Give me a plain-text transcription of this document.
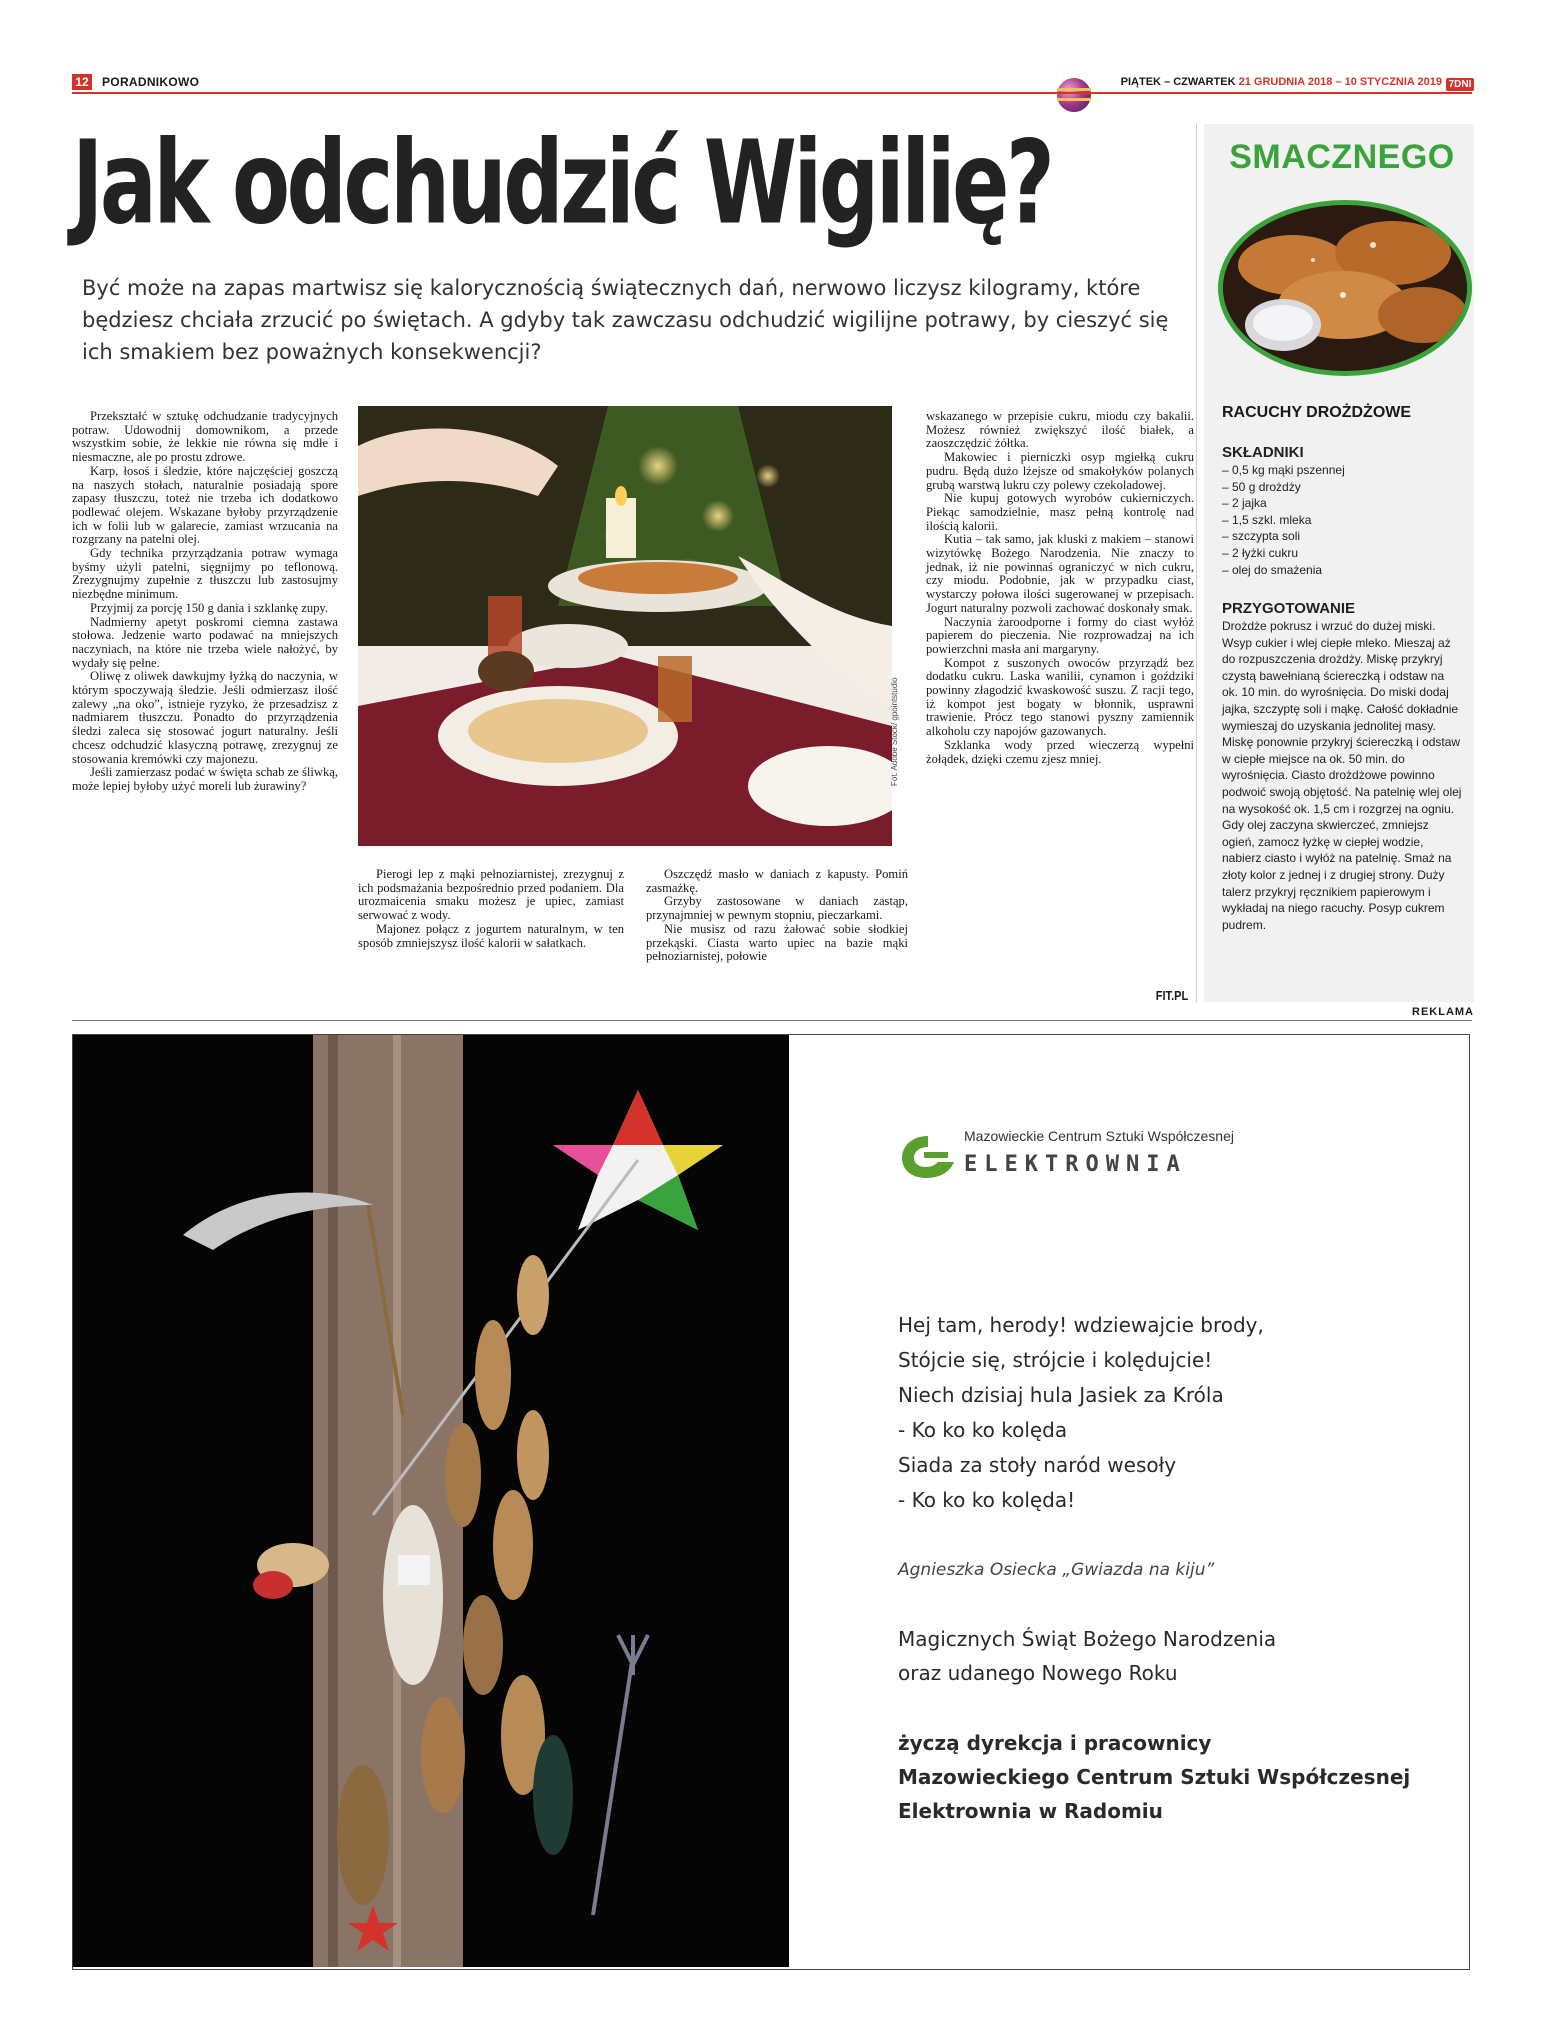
12 PORADNIKOWO	PIĄTEK – CZWARTEK 21 GRUDNIA 2018 – 10 STYCZNIA 2019 7DNI
Jak odchudzić Wigilię?
Być może na zapas martwisz się kalorycznością świątecznych dań, nerwowo liczysz kilogramy, które będziesz chciała zrzucić po świętach. A gdyby tak zawczasu odchudzić wigilijne potrawy, by cieszyć się ich smakiem bez poważnych konsekwencji?
Fot. Adobe Stock/ gpointstudio

Przekształć w sztukę odchudzanie tradycyjnych potraw. Udowodnij domownikom, a przede wszystkim sobie, że lekkie nie równa się mdłe i niesmaczne, ale po prostu zdrowe.

Karp, łosoś i śledzie, które najczęściej goszczą na naszych stołach, naturalnie posiadają spore zapasy tłuszczu, toteż nie trzeba ich dodatkowo podlewać olejem. Wskazane byłoby przyrządzenie ich w folii lub w galarecie, zamiast wrzucania na rozgrzany na patelni olej.

Gdy technika przyrządzania potraw wymaga byśmy użyli patelni, sięgnijmy po teflonową. Zrezygnujmy zupełnie z tłuszczu lub zastosujmy niezbędne minimum.

Przyjmij za porcję 150 g dania i szklankę zupy.

Nadmierny apetyt poskromi ciemna zastawa stołowa. Jedzenie warto podawać na mniejszych naczyniach, na które nie trzeba wiele nałożyć, by wydały się pełne.

Oliwę z oliwek dawkujmy łyżką do naczynia, w którym spoczywają śledzie. Jeśli odmierzasz ilość zalewy „na oko”, istnieje ryzyko, że przesadzisz z nadmiarem tłuszczu. Ponadto do przyrządzenia śledzi zaleca się stosować jogurt naturalny. Jeśli chcesz odchudzić klasyczną potrawę, zrezygnuj ze stosowania kremówki czy majonezu.

Jeśli zamierzasz podać w święta schab ze śliwką, może lepiej byłoby użyć moreli lub żurawiny?

Pierogi lep z mąki pełnoziarnistej, zrezygnuj z ich podsmażania bezpośrednio przed podaniem. Dla urozmaicenia smaku możesz je upiec, zamiast serwować z wody.

Majonez połącz z jogurtem naturalnym, w ten sposób zmniejszysz ilość kalorii w sałatkach.

Oszczędź masło w daniach z kapusty. Pomiń zasmażkę.

Grzyby zastosowane w daniach zastąp, przynajmniej w pewnym stopniu, pieczarkami.

Nie musisz od razu żałować sobie słodkiej przekąski. Ciasta warto upiec na bazie mąki pełnoziarnistej, połowie

wskazanego w przepisie cukru, miodu czy bakalii. Możesz również zwiększyć ilość białek, a zaoszczędzić żółtka.

Makowiec i pierniczki osyp mgiełką cukru pudru. Będą dużo lżejsze od smakołyków polanych grubą warstwą lukru czy polewy czekoladowej.

Nie kupuj gotowych wyrobów cukierniczych. Piekąc samodzielnie, masz pełną kontrolę nad ilością kalorii.

Kutia – tak samo, jak kluski z makiem – stanowi wizytówkę Bożego Narodzenia. Nie znaczy to jednak, iż nie powinnaś ograniczyć w nich cukru, czy miodu. Podobnie, jak w przypadku ciast, wystarczy połowa ilości sugerowanej w przepisach. Jogurt naturalny pozwoli zachować doskonały smak.

Naczynia żaroodporne i formy do ciast wyłóż papierem do pieczenia. Nie rozprowadzaj na ich powierzchni masła ani margaryny.

Kompot z suszonych owoców przyrządź bez dodatku cukru. Laska wanilii, cynamon i goździki powinny złagodzić kwaskowość suszu. Z racji tego, iż kompot jest bogaty w błonnik, usprawni trawienie. Prócz tego stanowi pyszny zamiennik alkoholu czy napojów gazowanych.

Szklanka wody przed wieczerzą wypełni żołądek, dzięki czemu zjesz mniej.

FIT.PL
SMACZNEGO
RACUCHY DROŻDŻOWE
SKŁADNIKI
– 0,5 kg mąki pszennej
– 50 g drożdży
– 2 jajka
– 1,5 szkl. mleka
– szczypta soli
– 2 łyżki cukru
– olej do smażenia
PRZYGOTOWANIE
Drożdże pokrusz i wrzuć do dużej miski. Wsyp cukier i wlej ciepłe mleko. Mieszaj aż do rozpuszczenia drożdży. Miskę przykryj czystą bawełnianą ściereczką i odstaw na ok. 10 min. do wyrośnięcia. Do miski dodaj jajka, szczyptę soli i mąkę. Całość dokładnie wymieszaj do uzyskania jednolitej masy. Miskę ponownie przykryj ściereczką i odstaw w ciepłe miejsce na ok. 50 min. do wyrośnięcia. Ciasto drożdżowe powinno podwoić swoją objętość. Na patelnię wlej olej na wysokość ok. 1,5 cm i rozgrzej na ogniu. Gdy olej zaczyna skwierczeć, zmniejsz ogień, zamocz łyżkę w ciepłej wodzie, nabierz ciasto i wyłóż na patelnię. Smaż na złoty kolor z jednej i z drugiej strony. Duży talerz przykryj ręcznikiem papierowym i wykładaj na niego racuchy. Posyp cukrem pudrem.
REKLAMA
Mazowieckie Centrum Sztuki Współczesnej
ELEKTROWNIA
Hej tam, herody! wdziewajcie brody,
Stójcie się, strójcie i kolędujcie!
Niech dzisiaj hula Jasiek za Króla
- Ko ko ko kolęda
Siada za stoły naród wesoły
- Ko ko ko kolęda!
Agnieszka Osiecka „Gwiazda na kiju”
Magicznych Świąt Bożego Narodzenia
oraz udanego Nowego Roku
życzą dyrekcja i pracownicy
Mazowieckiego Centrum Sztuki Współczesnej
Elektrownia w Radomiu
